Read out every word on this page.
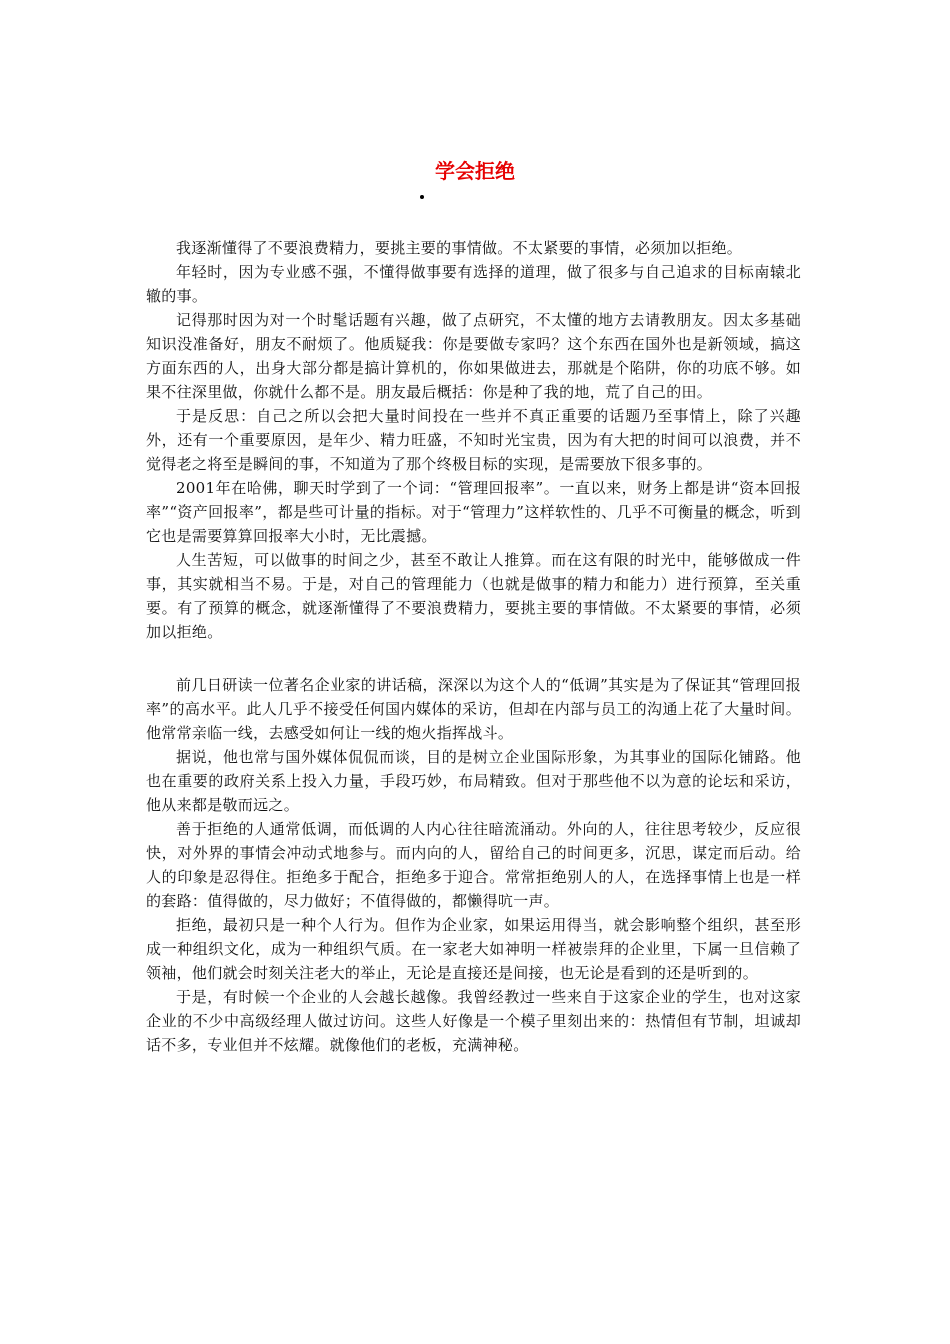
学会拒绝

我逐渐懂得了不要浪费精力，要挑主要的事情做。不太紧要的事情，必须加以拒绝。

年轻时，因为专业感不强，不懂得做事要有选择的道理，做了很多与自己追求的目标南辕北辙的事。

记得那时因为对一个时髦话题有兴趣，做了点研究，不太懂的地方去请教朋友。因太多基础知识没准备好，朋友不耐烦了。他质疑我：你是要做专家吗？这个东西在国外也是新领域，搞这方面东西的人，出身大部分都是搞计算机的，你如果做进去，那就是个陷阱，你的功底不够。如果不往深里做，你就什么都不是。朋友最后概括：你是种了我的地，荒了自己的田。

于是反思：自己之所以会把大量时间投在一些并不真正重要的话题乃至事情上，除了兴趣外，还有一个重要原因，是年少、精力旺盛，不知时光宝贵，因为有大把的时间可以浪费，并不觉得老之将至是瞬间的事，不知道为了那个终极目标的实现，是需要放下很多事的。

2001年在哈佛，聊天时学到了一个词：“管理回报率”。一直以来，财务上都是讲“资本回报率”“资产回报率”，都是些可计量的指标。对于“管理力”这样软性的、几乎不可衡量的概念，听到它也是需要算算回报率大小时，无比震撼。

人生苦短，可以做事的时间之少，甚至不敢让人推算。而在这有限的时光中，能够做成一件事，其实就相当不易。于是，对自己的管理能力（也就是做事的精力和能力）进行预算，至关重要。有了预算的概念，就逐渐懂得了不要浪费精力，要挑主要的事情做。不太紧要的事情，必须加以拒绝。

前几日研读一位著名企业家的讲话稿，深深以为这个人的“低调”其实是为了保证其“管理回报率”的高水平。此人几乎不接受任何国内媒体的采访，但却在内部与员工的沟通上花了大量时间。他常常亲临一线，去感受如何让一线的炮火指挥战斗。

据说，他也常与国外媒体侃侃而谈，目的是树立企业国际形象，为其事业的国际化铺路。他也在重要的政府关系上投入力量，手段巧妙，布局精致。但对于那些他不以为意的论坛和采访，他从来都是敬而远之。

善于拒绝的人通常低调，而低调的人内心往往暗流涌动。外向的人，往往思考较少，反应很快，对外界的事情会冲动式地参与。而内向的人，留给自己的时间更多，沉思，谋定而后动。给人的印象是忍得住。拒绝多于配合，拒绝多于迎合。常常拒绝别人的人，在选择事情上也是一样的套路：值得做的，尽力做好；不值得做的，都懒得吭一声。

拒绝，最初只是一种个人行为。但作为企业家，如果运用得当，就会影响整个组织，甚至形成一种组织文化，成为一种组织气质。在一家老大如神明一样被崇拜的企业里，下属一旦信赖了领袖，他们就会时刻关注老大的举止，无论是直接还是间接，也无论是看到的还是听到的。

于是，有时候一个企业的人会越长越像。我曾经教过一些来自于这家企业的学生，也对这家企业的不少中高级经理人做过访问。这些人好像是一个模子里刻出来的：热情但有节制，坦诚却话不多，专业但并不炫耀。就像他们的老板，充满神秘。
